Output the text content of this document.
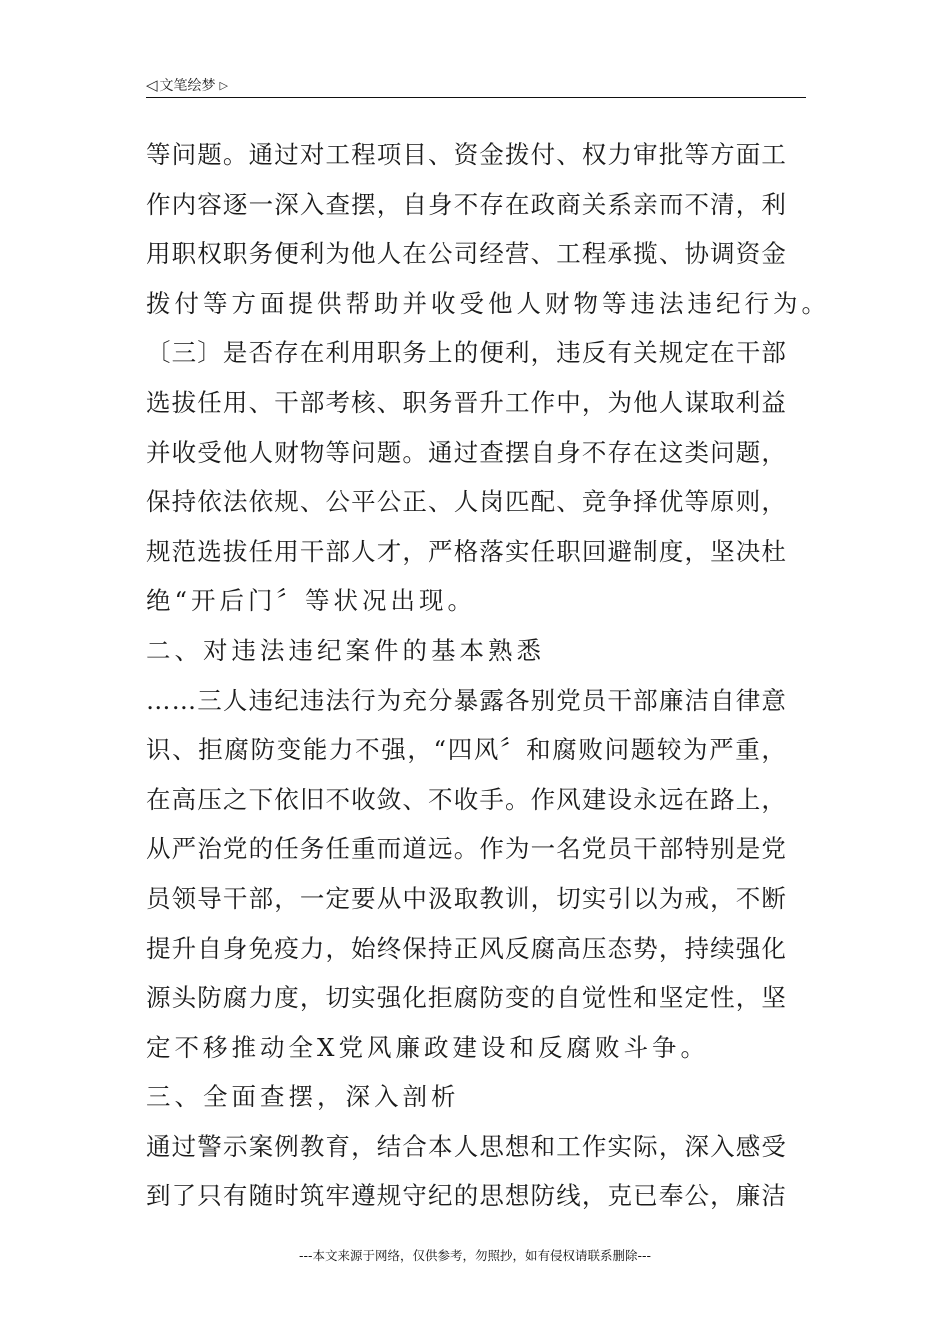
◁ 文笔绘梦 ▷
等 问 题 。 通 过 对 工 程 项 目 、 资 金 拨 付 、 权 力 审 批 等 方 面 工
作 内 容 逐 一 深 入 查 摆 ， 自 身 不 存 在 政 商 关 系 亲 而 不 清 ， 利
用 职 权 职 务 便 利 为 他 人 在 公 司 经 营 、 工 程 承 揽 、 协 调 资 金
拨付等方面提供帮助并收受他人财物等违法违纪行为。
〔 三 〕 是 否 存 在 利 用 职 务 上 的 便 利 ， 违 反 有 关 规 定 在 干 部
选 拔 任 用 、 干 部 考 核 、 职 务 晋 升 工 作 中 ， 为 他 人 谋 取 利 益
并 收 受 他 人 财 物 等 问 题 。 通 过 查 摆 自 身 不 存 在 这 类 问 题 ，
保 持 依 法 依 规 、 公 平 公 正 、 人 岗 匹 配 、 竞 争 择 优 等 原 则 ，
规 范 选 拔 任 用 干 部 人 才 ， 严 格 落 实 任 职 回 避 制 度 ， 坚 决 杜
绝“开后门〞等状况出现。
二、对违法违纪案件的基本熟悉
… … 三 人 违 纪 违 法 行 为 充 分 暴 露 各 别 党 员 干 部 廉 洁 自 律 意
识 、 拒 腐 防 变 能 力 不 强 ， “ 四 风 〞 和 腐 败 问 题 较 为 严 重 ，
在 高 压 之 下 依 旧 不 收 敛 、 不 收 手 。 作 风 建 设 永 远 在 路 上 ，
从 严 治 党 的 任 务 任 重 而 道 远 。 作 为 一 名 党 员 干 部 特 别 是 党
员 领 导 干 部 ， 一 定 要 从 中 汲 取 教 训 ， 切 实 引 以 为 戒 ， 不 断
提 升 自 身 免 疫 力 ， 始 终 保 持 正 风 反 腐 高 压 态 势 ， 持 续 强 化
源 头 防 腐 力 度 ， 切 实 强 化 拒 腐 防 变 的 自 觉 性 和 坚 定 性 ， 坚
定不移推动全X党风廉政建设和反腐败斗争。
三、全面查摆，深入剖析
通 过 警 示 案 例 教 育 ， 结 合 本 人 思 想 和 工 作 实 际 ， 深 入 感 受
到 了 只 有 随 时 筑 牢 遵 规 守 纪 的 思 想 防 线 ， 克 已 奉 公 ， 廉 洁
---本文来源于网络，仅供参考，勿照抄，如有侵权请联系删除---
